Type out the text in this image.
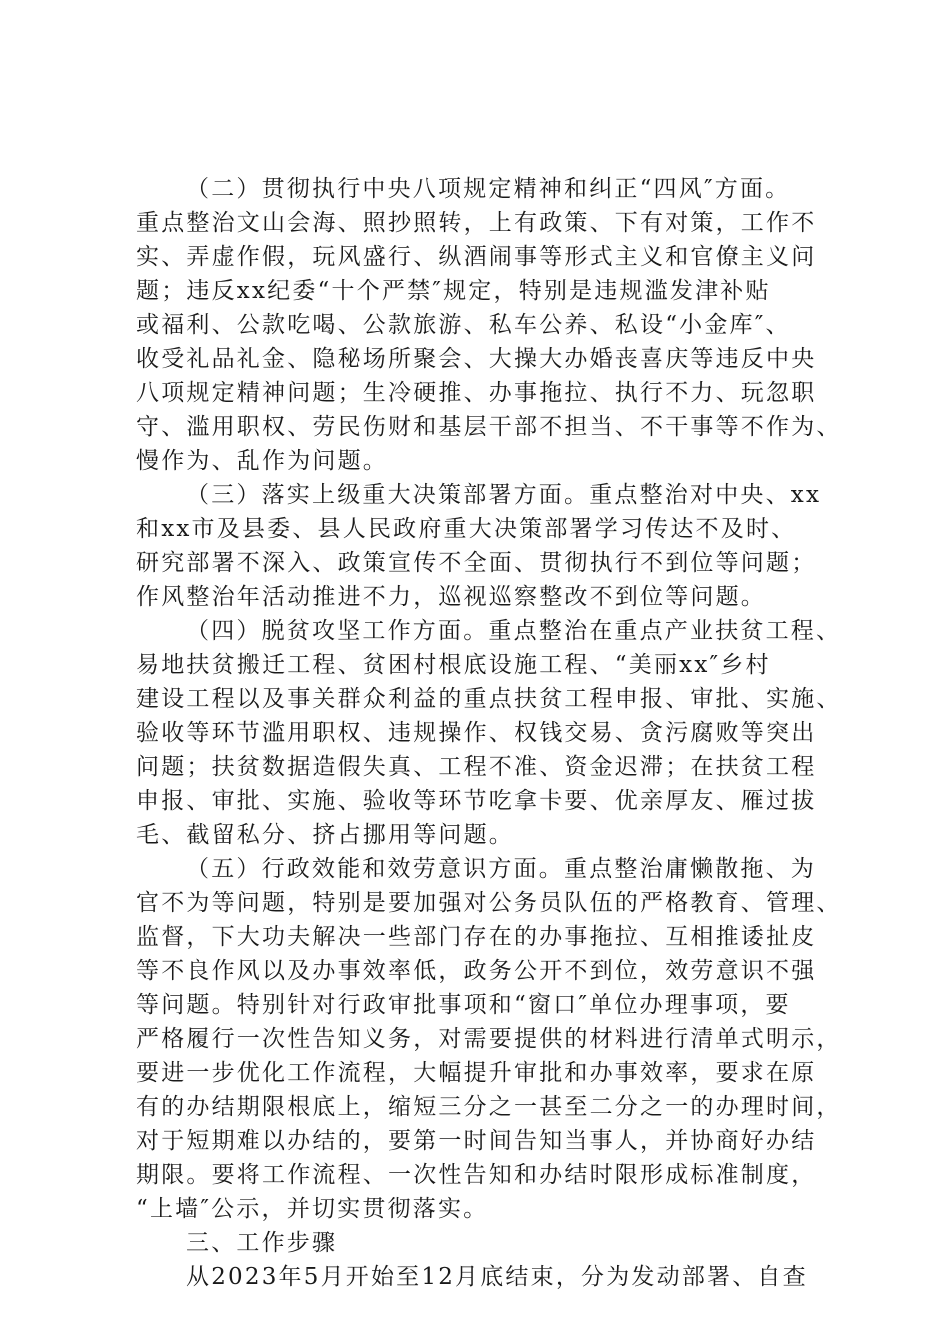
（二）贯彻执行中央八项规定精神和纠正“四风″方面。
重点整治文山会海、照抄照转，上有政策、下有对策，工作不
实、弄虚作假，玩风盛行、纵酒闹事等形式主义和官僚主义问
题；违反xx纪委“十个严禁″规定，特别是违规滥发津补贴
或福利、公款吃喝、公款旅游、私车公养、私设“小金库″、
收受礼品礼金、隐秘场所聚会、大操大办婚丧喜庆等违反中央
八项规定精神问题；生冷硬推、办事拖拉、执行不力、玩忽职
守、滥用职权、劳民伤财和基层干部不担当、不干事等不作为、
慢作为、乱作为问题。
（三）落实上级重大决策部署方面。重点整治对中央、xx
和xx市及县委、县人民政府重大决策部署学习传达不及时、
研究部署不深入、政策宣传不全面、贯彻执行不到位等问题；
作风整治年活动推进不力，巡视巡察整改不到位等问题。
（四）脱贫攻坚工作方面。重点整治在重点产业扶贫工程、
易地扶贫搬迁工程、贫困村根底设施工程、“美丽xx″乡村
建设工程以及事关群众利益的重点扶贫工程申报、审批、实施、
验收等环节滥用职权、违规操作、权钱交易、贪污腐败等突出
问题；扶贫数据造假失真、工程不准、资金迟滞；在扶贫工程
申报、审批、实施、验收等环节吃拿卡要、优亲厚友、雁过拔
毛、截留私分、挤占挪用等问题。
（五）行政效能和效劳意识方面。重点整治庸懒散拖、为
官不为等问题，特别是要加强对公务员队伍的严格教育、管理、
监督，下大功夫解决一些部门存在的办事拖拉、互相推诿扯皮
等不良作风以及办事效率低，政务公开不到位，效劳意识不强
等问题。特别针对行政审批事项和“窗口″单位办理事项，要
严格履行一次性告知义务，对需要提供的材料进行清单式明示，
要进一步优化工作流程，大幅提升审批和办事效率，要求在原
有的办结期限根底上，缩短三分之一甚至二分之一的办理时间，
对于短期难以办结的，要第一时间告知当事人，并协商好办结
期限。要将工作流程、一次性告知和办结时限形成标准制度，
“上墙″公示，并切实贯彻落实。
三、工作步骤
从2023年5月开始至12月底结束，分为发动部署、自查
